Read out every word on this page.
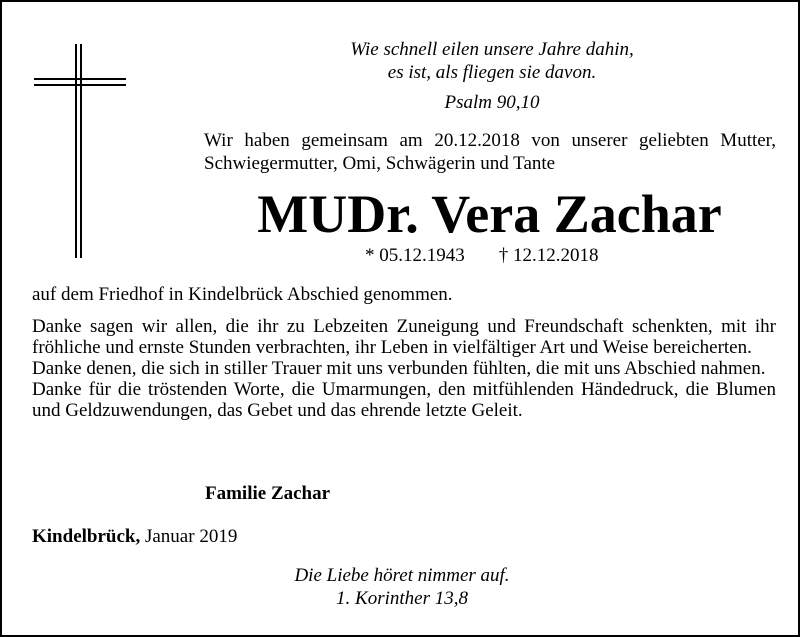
Wie schnell eilen unsere Jahre dahin,
es ist, als fliegen sie davon.
Psalm 90,10
Wir haben gemeinsam am 20.12.2018 von unserer geliebten Mutter,
Schwiegermutter, Omi, Schwägerin und Tante
MUDr. Vera Zachar
* 05.12.1943 † 12.12.2018
auf dem Friedhof in Kindelbrück Abschied genommen.

Danke sagen wir allen, die ihr zu Lebzeiten Zuneigung und Freundschaft schenkten, mit ihr fröhliche und ernste Stunden verbrachten, ihr Leben in vielfältiger Art und Weise bereicherten.

Danke denen, die sich in stiller Trauer mit uns verbunden fühlten, die mit uns Abschied nahmen.

Danke für die tröstenden Worte, die Umarmungen, den mitfühlenden Händedruck, die Blumen und Geldzuwendungen, das Gebet und das ehrende letzte Geleit.

Familie Zachar
Kindelbrück, Januar 2019
Die Liebe höret nimmer auf.
1. Korinther 13,8
